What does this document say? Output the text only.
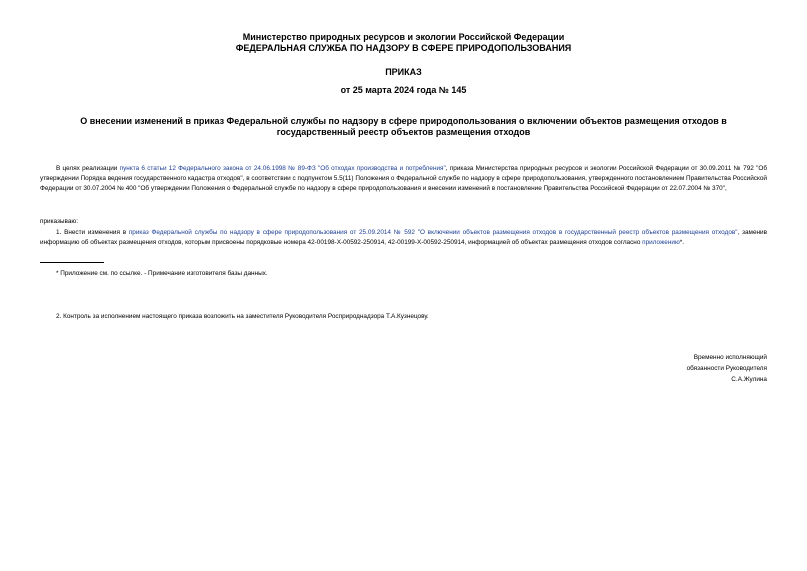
Министерство природных ресурсов и экологии Российской Федерации
ФЕДЕРАЛЬНАЯ СЛУЖБА ПО НАДЗОРУ В СФЕРЕ ПРИРОДОПОЛЬЗОВАНИЯ
ПРИКАЗ
от 25 марта 2024 года № 145
О внесении изменений в приказ Федеральной службы по надзору в сфере природопользования о включении объектов размещения отходов в государственный реестр объектов размещения отходов
В целях реализации пункта 6 статьи 12 Федерального закона от 24.06.1998 № 89-ФЗ "Об отходах производства и потребления", приказа Министерства природных ресурсов и экологии Российской Федерации от 30.09.2011 № 792 "Об утверждении Порядка ведения государственного кадастра отходов", в соответствии с подпунктом 5.5(11) Положения о Федеральной службе по надзору в сфере природопользования, утвержденного постановлением Правительства Российской Федерации от 30.07.2004 № 400 "Об утверждении Положения о Федеральной службе по надзору в сфере природопользования и внесении изменений в постановление Правительства Российской Федерации от 22.07.2004 № 370",
приказываю:
1. Внести изменения в приказ Федеральной службы по надзору в сфере природопользования от 25.09.2014 № 592 "О включении объектов размещения отходов в государственный реестр объектов размещения отходов", заменив информацию об объектах размещения отходов, которым присвоены порядковые номера 42-00198-Х-00592-250914, 42-00199-Х-00592-250914, информацией об объектах размещения отходов согласно приложению*.
* Приложение см. по ссылке. - Примечание изготовителя базы данных.
2. Контроль за исполнением настоящего приказа возложить на заместителя Руководителя Росприроднадзора Т.А.Кузнецову.
Временно исполняющий
обязанности Руководителя
С.А.Жулина
